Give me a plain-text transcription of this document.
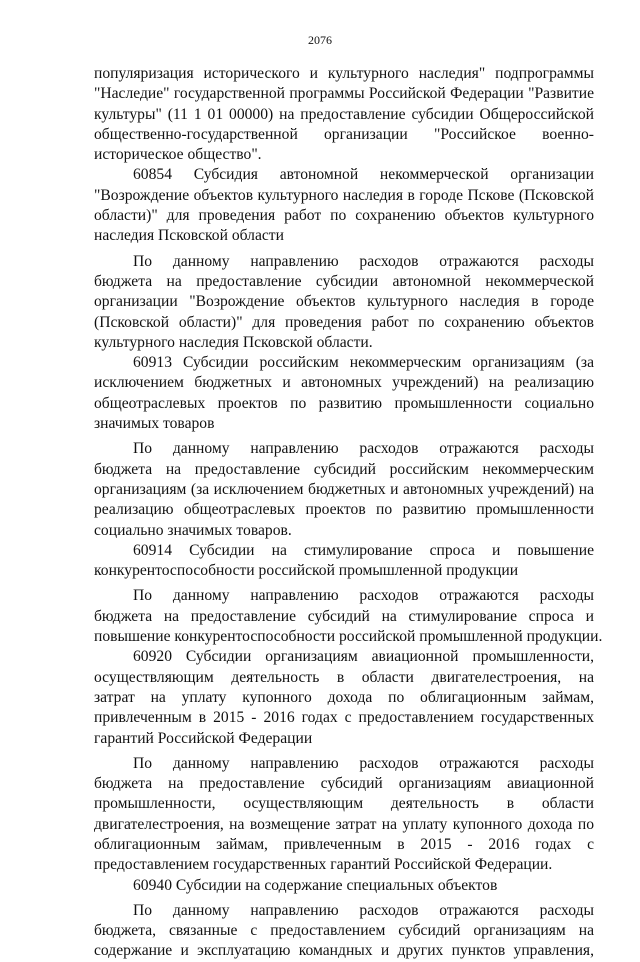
2076
популяризация исторического и культурного наследия" подпрограммы
"Наследие" государственной программы Российской Федерации "Развитие
культуры" (11 1 01 00000) на предоставление субсидии Общероссийской
общественно-государственной организации "Российское военно-
историческое общество".
60854 Субсидия автономной некоммерческой организации
"Возрождение объектов культурного наследия в городе Пскове (Псковской
области)" для проведения работ по сохранению объектов культурного
наследия Псковской области
По данному направлению расходов отражаются расходы
бюджета на предоставление субсидии автономной некоммерческой
организации "Возрождение объектов культурного наследия в городе
(Псковской области)" для проведения работ по сохранению объектов
культурного наследия Псковской области.
60913 Субсидии российским некоммерческим организациям (за
исключением бюджетных и автономных учреждений) на реализацию
общеотраслевых проектов по развитию промышленности социально
значимых товаров
По данному направлению расходов отражаются расходы
бюджета на предоставление субсидий российским некоммерческим
организациям (за исключением бюджетных и автономных учреждений) на
реализацию общеотраслевых проектов по развитию промышленности
социально значимых товаров.
60914 Субсидии на стимулирование спроса и повышение
конкурентоспособности российской промышленной продукции
По данному направлению расходов отражаются расходы
бюджета на предоставление субсидий на стимулирование спроса и
повышение конкурентоспособности российской промышленной продукции.
60920 Субсидии организациям авиационной промышленности,
осуществляющим деятельность в области двигателестроения, на
затрат на уплату купонного дохода по облигационным займам,
привлеченным в 2015 - 2016 годах с предоставлением государственных
гарантий Российской Федерации
По данному направлению расходов отражаются расходы
бюджета на предоставление субсидий организациям авиационной
промышленности, осуществляющим деятельность в области
двигателестроения, на возмещение затрат на уплату купонного дохода по
облигационным займам, привлеченным в 2015 - 2016 годах с
предоставлением государственных гарантий Российской Федерации.
60940 Субсидии на содержание специальных объектов
По данному направлению расходов отражаются расходы
бюджета, связанные с предоставлением субсидий организациям на
содержание и эксплуатацию командных и других пунктов управления,
